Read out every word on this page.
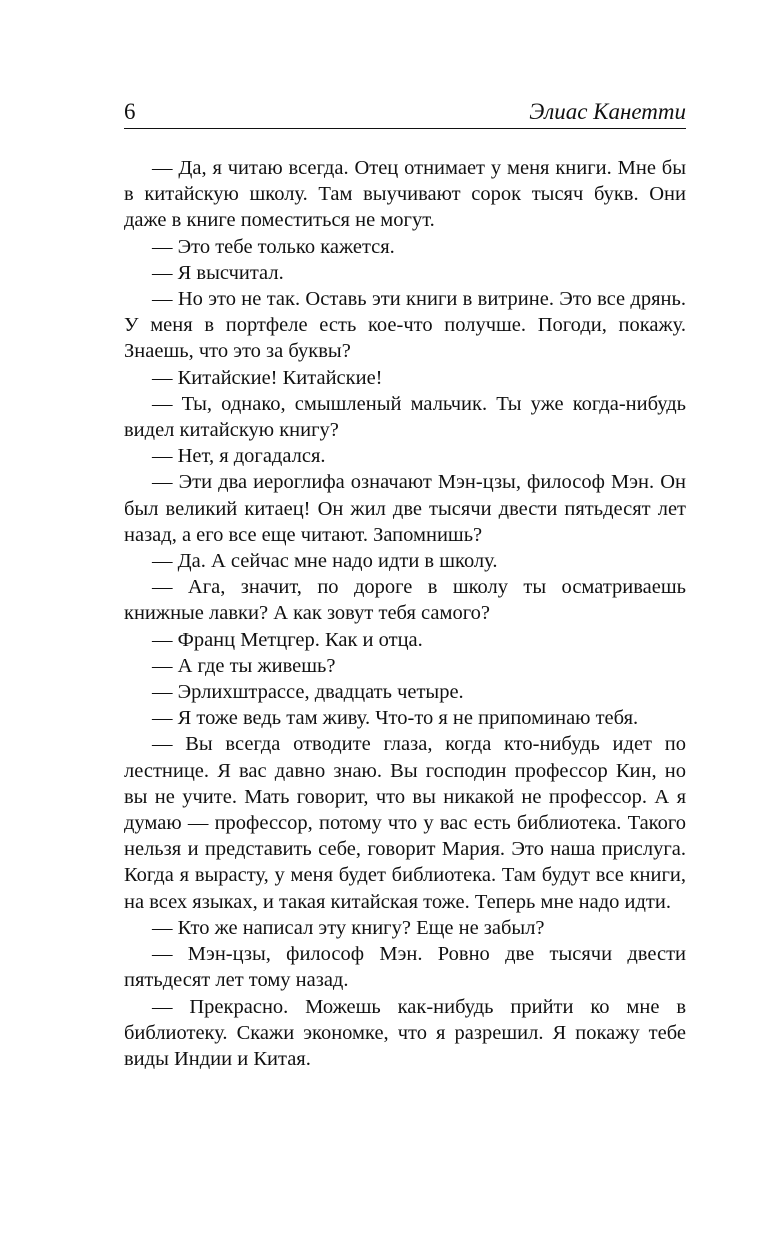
6	Элиас Канетти

— Да, я читаю всегда. Отец отнимает у меня книги. Мне бы в китайскую школу. Там выучивают сорок тысяч букв. Они даже в книге поместиться не могут.

— Это тебе только кажется.

— Я высчитал.

— Но это не так. Оставь эти книги в витрине. Это все дрянь. У меня в портфеле есть кое-что получше. Погоди, покажу. Знаешь, что это за буквы?

— Китайские! Китайские!

— Ты, однако, смышленый мальчик. Ты уже когда-нибудь видел китайскую книгу?

— Нет, я догадался.

— Эти два иероглифа означают Мэн-цзы, философ Мэн. Он был великий китаец! Он жил две тысячи двести пятьдесят лет назад, а его все еще читают. Запомнишь?

— Да. А сейчас мне надо идти в школу.

— Ага, значит, по дороге в школу ты осматриваешь книжные лавки? А как зовут тебя самого?

— Франц Метцгер. Как и отца.

— А где ты живешь?

— Эрлихштрассе, двадцать четыре.

— Я тоже ведь там живу. Что-то я не припоминаю тебя.

— Вы всегда отводите глаза, когда кто-нибудь идет по лестнице. Я вас давно знаю. Вы господин профессор Кин, но вы не учите. Мать говорит, что вы никакой не профессор. А я думаю — профессор, потому что у вас есть библиотека. Такого нельзя и представить себе, говорит Мария. Это наша прислуга. Когда я вырасту, у меня будет библиотека. Там будут все книги, на всех языках, и такая китайская тоже. Теперь мне надо идти.

— Кто же написал эту книгу? Еще не забыл?

— Мэн-цзы, философ Мэн. Ровно две тысячи двести пятьдесят лет тому назад.

— Прекрасно. Можешь как-нибудь прийти ко мне в библиотеку. Скажи экономке, что я разрешил. Я покажу тебе виды Индии и Китая.
